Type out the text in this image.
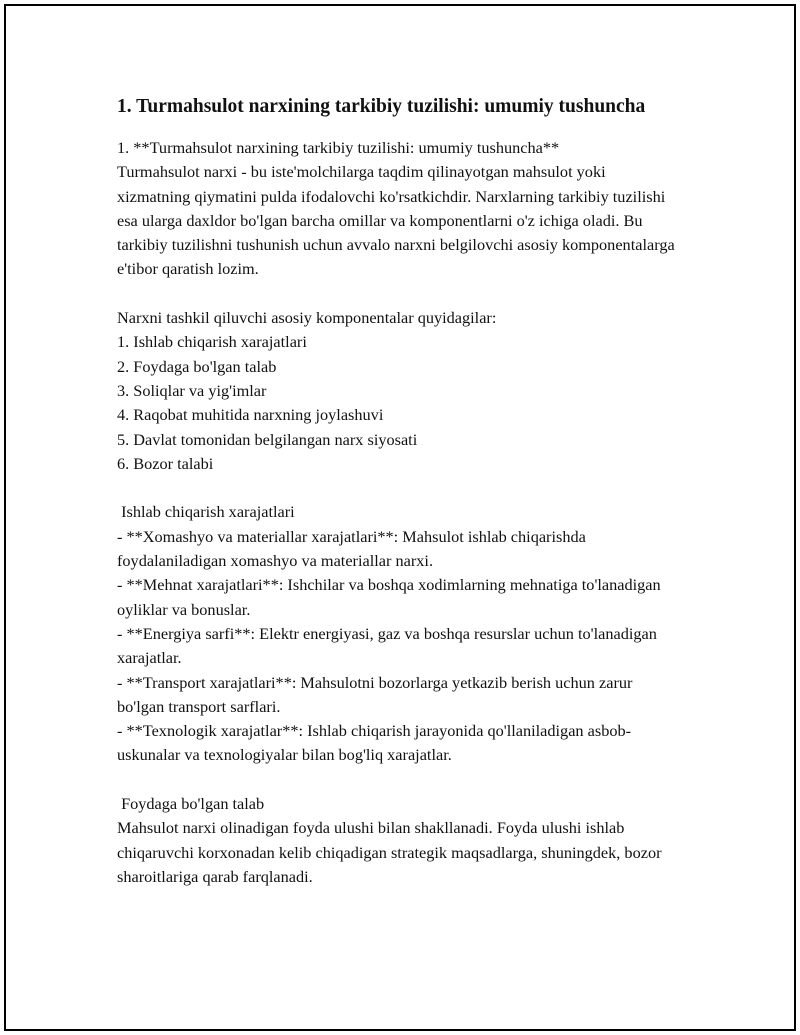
1. Turmahsulot narxining tarkibiy tuzilishi: umumiy tushuncha

1. **Turmahsulot narxining tarkibiy tuzilishi: umumiy tushuncha**
Turmahsulot narxi - bu iste'molchilarga taqdim qilinayotgan mahsulot yoki xizmatning qiymatini pulda ifodalovchi ko'rsatkichdir. Narxlarning tarkibiy tuzilishi esa ularga daxldor bo'lgan barcha omillar va komponentlarni o'z ichiga oladi. Bu tarkibiy tuzilishni tushunish uchun avvalo narxni belgilovchi asosiy komponentalarga e'tibor qaratish lozim.

Narxni tashkil qiluvchi asosiy komponentalar quyidagilar:

1. Ishlab chiqarish xarajatlari

2. Foydaga bo'lgan talab

3. Soliqlar va yig'imlar

4. Raqobat muhitida narxning joylashuvi

5. Davlat tomonidan belgilangan narx siyosati

6. Bozor talabi

Ishlab chiqarish xarajatlari

- **Xomashyo va materiallar xarajatlari**: Mahsulot ishlab chiqarishda foydalaniladigan xomashyo va materiallar narxi.

- **Mehnat xarajatlari**: Ishchilar va boshqa xodimlarning mehnatiga to'lanadigan oyliklar va bonuslar.

- **Energiya sarfi**: Elektr energiyasi, gaz va boshqa resurslar uchun to'lanadigan xarajatlar.

- **Transport xarajatlari**: Mahsulotni bozorlarga yetkazib berish uchun zarur bo'lgan transport sarflari.

- **Texnologik xarajatlar**: Ishlab chiqarish jarayonida qo'llaniladigan asbob-uskunalar va texnologiyalar bilan bog'liq xarajatlar.

Foydaga bo'lgan talab

Mahsulot narxi olinadigan foyda ulushi bilan shakllanadi. Foyda ulushi ishlab chiqaruvchi korxonadan kelib chiqadigan strategik maqsadlarga, shuningdek, bozor sharoitlariga qarab farqlanadi.
